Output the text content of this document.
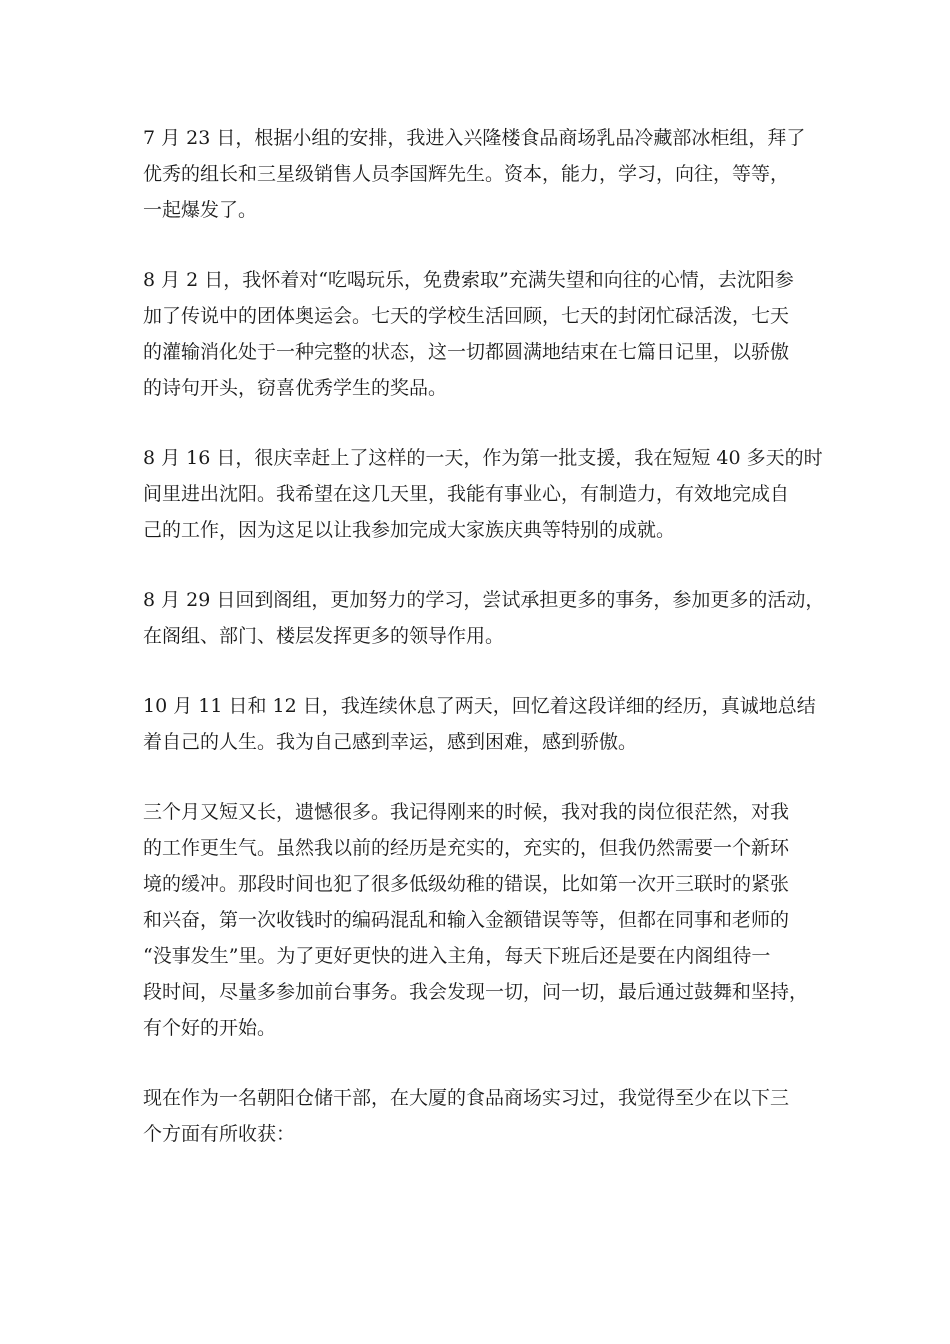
7 月 23 日，根据小组的安排，我进入兴隆楼食品商场乳品冷藏部冰柜组，拜了
优秀的组长和三星级销售人员李国辉先生。资本，能力，学习，向往，等等，
一起爆发了。

8 月 2 日，我怀着对“吃喝玩乐，免费索取”充满失望和向往的心情，去沈阳参
加了传说中的团体奥运会。七天的学校生活回顾，七天的封闭忙碌活泼，七天
的灌输消化处于一种完整的状态，这一切都圆满地结束在七篇日记里，以骄傲
的诗句开头，窃喜优秀学生的奖品。

8 月 16 日，很庆幸赶上了这样的一天，作为第一批支援，我在短短 40 多天的时
间里进出沈阳。我希望在这几天里，我能有事业心，有制造力，有效地完成自
己的工作，因为这足以让我参加完成大家族庆典等特别的成就。

8 月 29 日回到阁组，更加努力的学习，尝试承担更多的事务，参加更多的活动，
在阁组、部门、楼层发挥更多的领导作用。

10 月 11 日和 12 日，我连续休息了两天，回忆着这段详细的经历，真诚地总结
着自己的人生。我为自己感到幸运，感到困难，感到骄傲。

三个月又短又长，遗憾很多。我记得刚来的时候，我对我的岗位很茫然，对我
的工作更生气。虽然我以前的经历是充实的，充实的，但我仍然需要一个新环
境的缓冲。那段时间也犯了很多低级幼稚的错误，比如第一次开三联时的紧张
和兴奋，第一次收钱时的编码混乱和输入金额错误等等，但都在同事和老师的
“没事发生”里。为了更好更快的进入主角，每天下班后还是要在内阁组待一
段时间，尽量多参加前台事务。我会发现一切，问一切，最后通过鼓舞和坚持，
有个好的开始。

现在作为一名朝阳仓储干部，在大厦的食品商场实习过，我觉得至少在以下三
个方面有所收获：
